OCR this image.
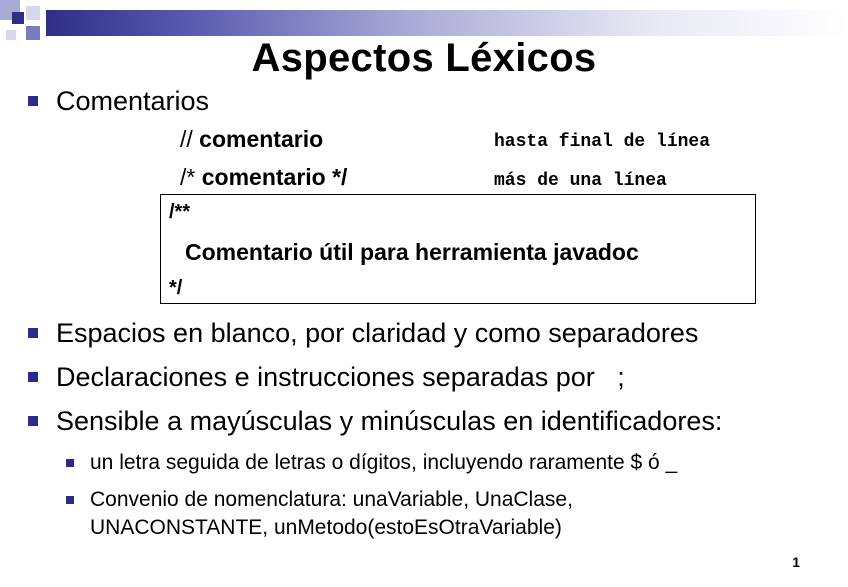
Aspectos Léxicos
Comentarios
// comentario	hasta final de línea
/* comentario */	más de una línea
/**
Comentario útil para herramienta javadoc
*/
Espacios en blanco, por claridad y como separadores
Declaraciones e instrucciones separadas por   ;
Sensible a mayúsculas y minúsculas en identificadores:
un letra seguida de letras o dígitos, incluyendo raramente $ ó _
Convenio de nomenclatura: unaVariable, UnaClase,
UNACONSTANTE, unMetodo(estoEsOtraVariable)
1
